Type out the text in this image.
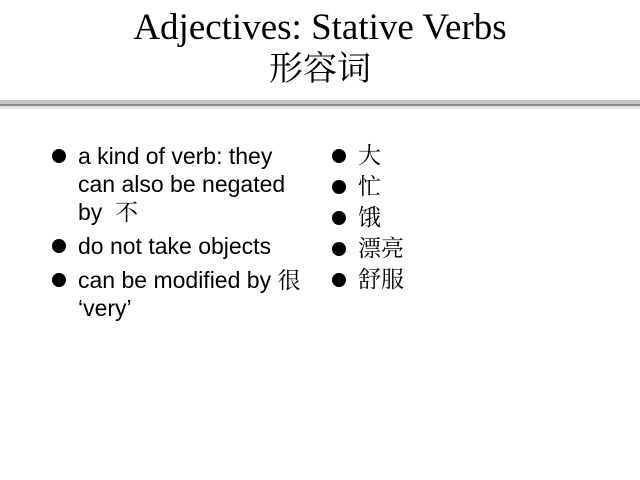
Adjectives: Stative Verbs
形容词
a kind of verb: they can also be negated by  不
do not take objects
can be modified by 很 ‘very’
大
忙
饿
漂亮
舒服
